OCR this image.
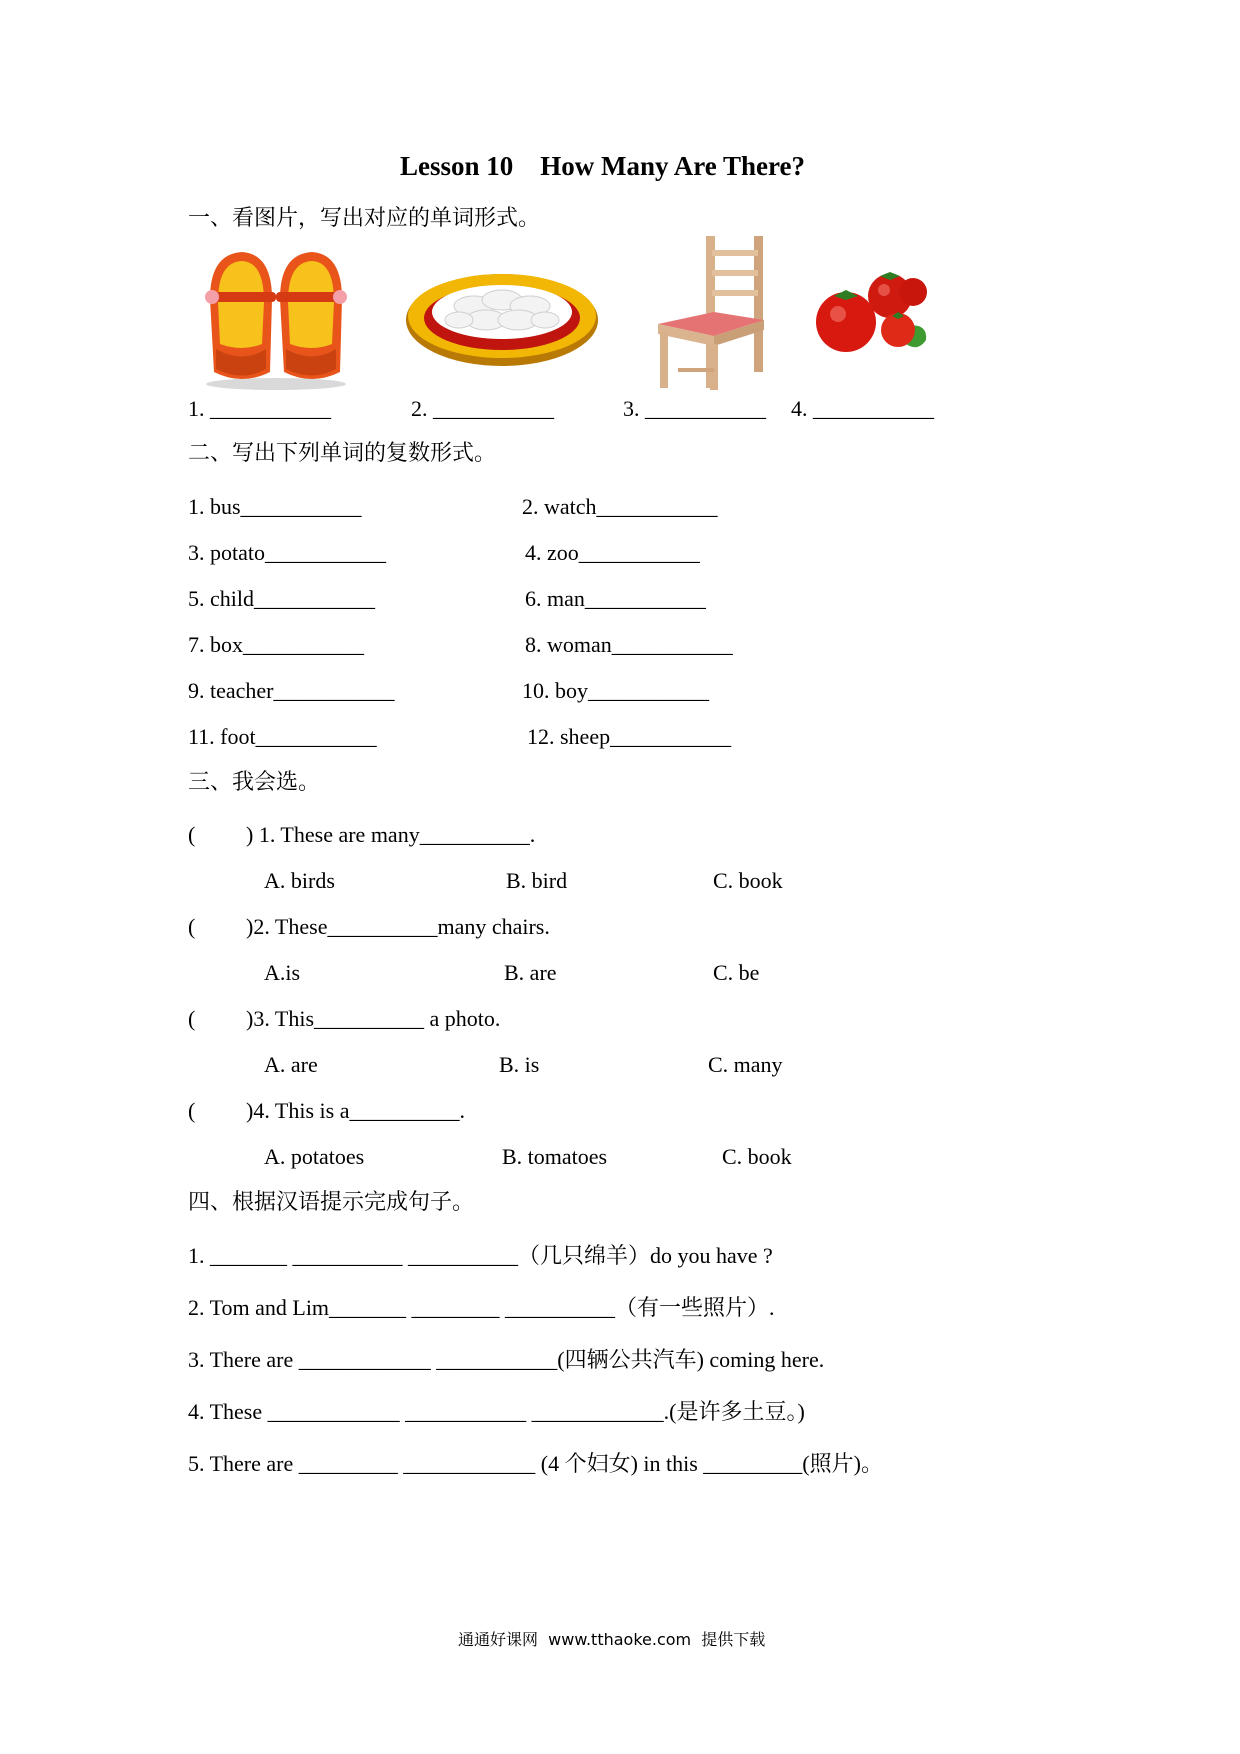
Lesson 10    How Many Are There?
一、看图片，写出对应的单词形式。
1. ___________	2. ___________	3. ___________ 4. ___________
二、写出下列单词的复数形式。
1. bus___________	2. watch___________
3. potato___________	4. zoo___________
5. child___________	6. man___________
7. box___________	8. woman___________
9. teacher___________	10. boy___________
11. foot___________	12. sheep___________
三、我会选。
( ) 1. These are many__________.
A. birds	B. bird	C. book
( )2. These__________many chairs.
A.is	B. are	C. be
( )3. This__________ a photo.
A. are	B. is	C. many
( )4. This is a__________.
A. potatoes	B. tomatoes	C. book
四、根据汉语提示完成句子。
1. _______ __________ __________（几只绵羊）do you have ?
2. Tom and Lim_______ ________ __________（有一些照片）.
3. There are ____________ ___________(四辆公共汽车) coming here.
4. These ____________ ___________ ____________.(是许多土豆。)
5. There are _________ ____________ (4 个妇女) in this _________(照片)。
通通好课网  www.tthaoke.com  提供下载
